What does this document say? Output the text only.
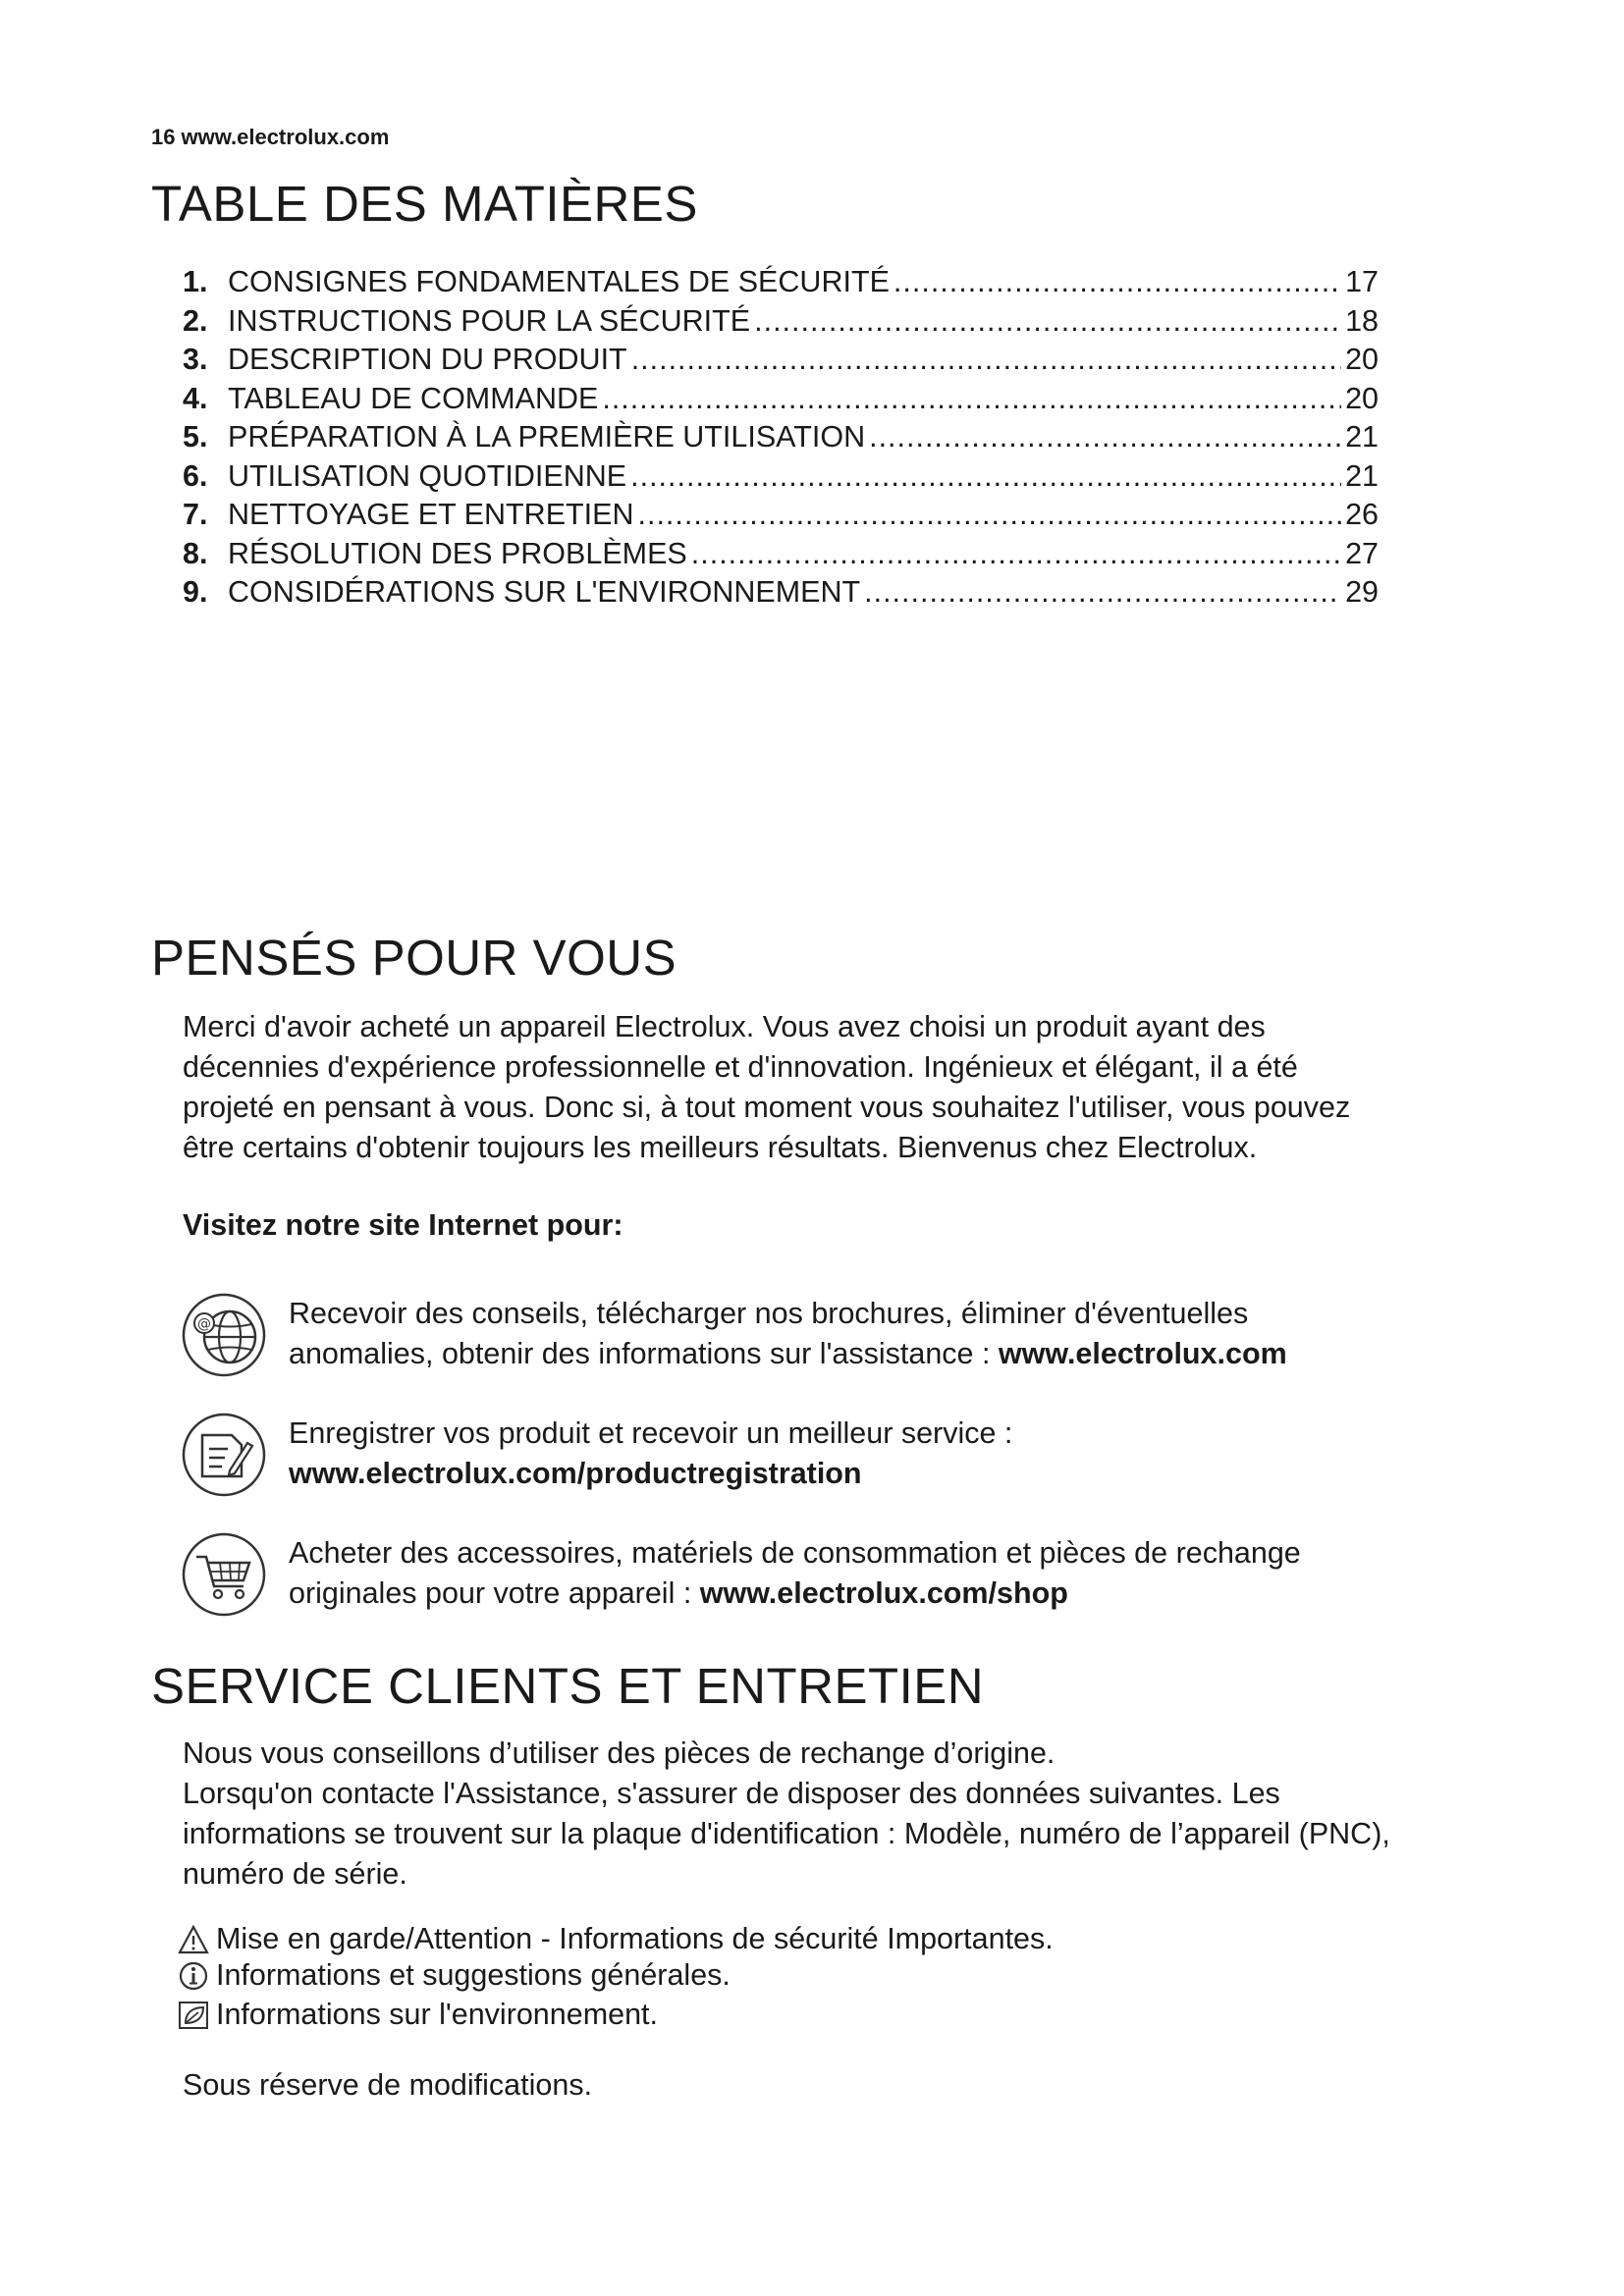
16 www.electrolux.com
TABLE DES MATIÈRES
1. CONSIGNES FONDAMENTALES DE SÉCURITÉ .....	17
2. INSTRUCTIONS POUR LA SÉCURITÉ .....	18
3. DESCRIPTION DU PRODUIT .....	20
4. TABLEAU DE COMMANDE .....	20
5. PRÉPARATION À LA PREMIÈRE UTILISATION .....	21
6. UTILISATION QUOTIDIENNE .....	21
7. NETTOYAGE ET ENTRETIEN .....	26
8. RÉSOLUTION DES PROBLÈMES .....	27
9. CONSIDÉRATIONS SUR L'ENVIRONNEMENT .....	29
PENSÉS POUR VOUS
Merci d'avoir acheté un appareil Electrolux. Vous avez choisi un produit ayant des
décennies d'expérience professionnelle et d'innovation. Ingénieux et élégant, il a été
projeté en pensant à vous. Donc si, à tout moment vous souhaitez l'utiliser, vous pouvez
être certains d'obtenir toujours les meilleurs résultats. Bienvenus chez Electrolux.
Visitez notre site Internet pour:
@	Recevoir des conseils, télécharger nos brochures, éliminer d'éventuelles
anomalies, obtenir des informations sur l'assistance : www.electrolux.com
Enregistrer vos produit et recevoir un meilleur service :
www.electrolux.com/productregistration
Acheter des accessoires, matériels de consommation et pièces de rechange
originales pour votre appareil : www.electrolux.com/shop
SERVICE CLIENTS ET ENTRETIEN
Nous vous conseillons d’utiliser des pièces de rechange d’origine.
Lorsqu'on contacte l'Assistance, s'assurer de disposer des données suivantes. Les
informations se trouvent sur la plaque d'identification : Modèle, numéro de l’appareil (PNC),
numéro de série.
Mise en garde/Attention - Informations de sécurité Importantes.
Informations et suggestions générales.
Informations sur l'environnement.
Sous réserve de modifications.
